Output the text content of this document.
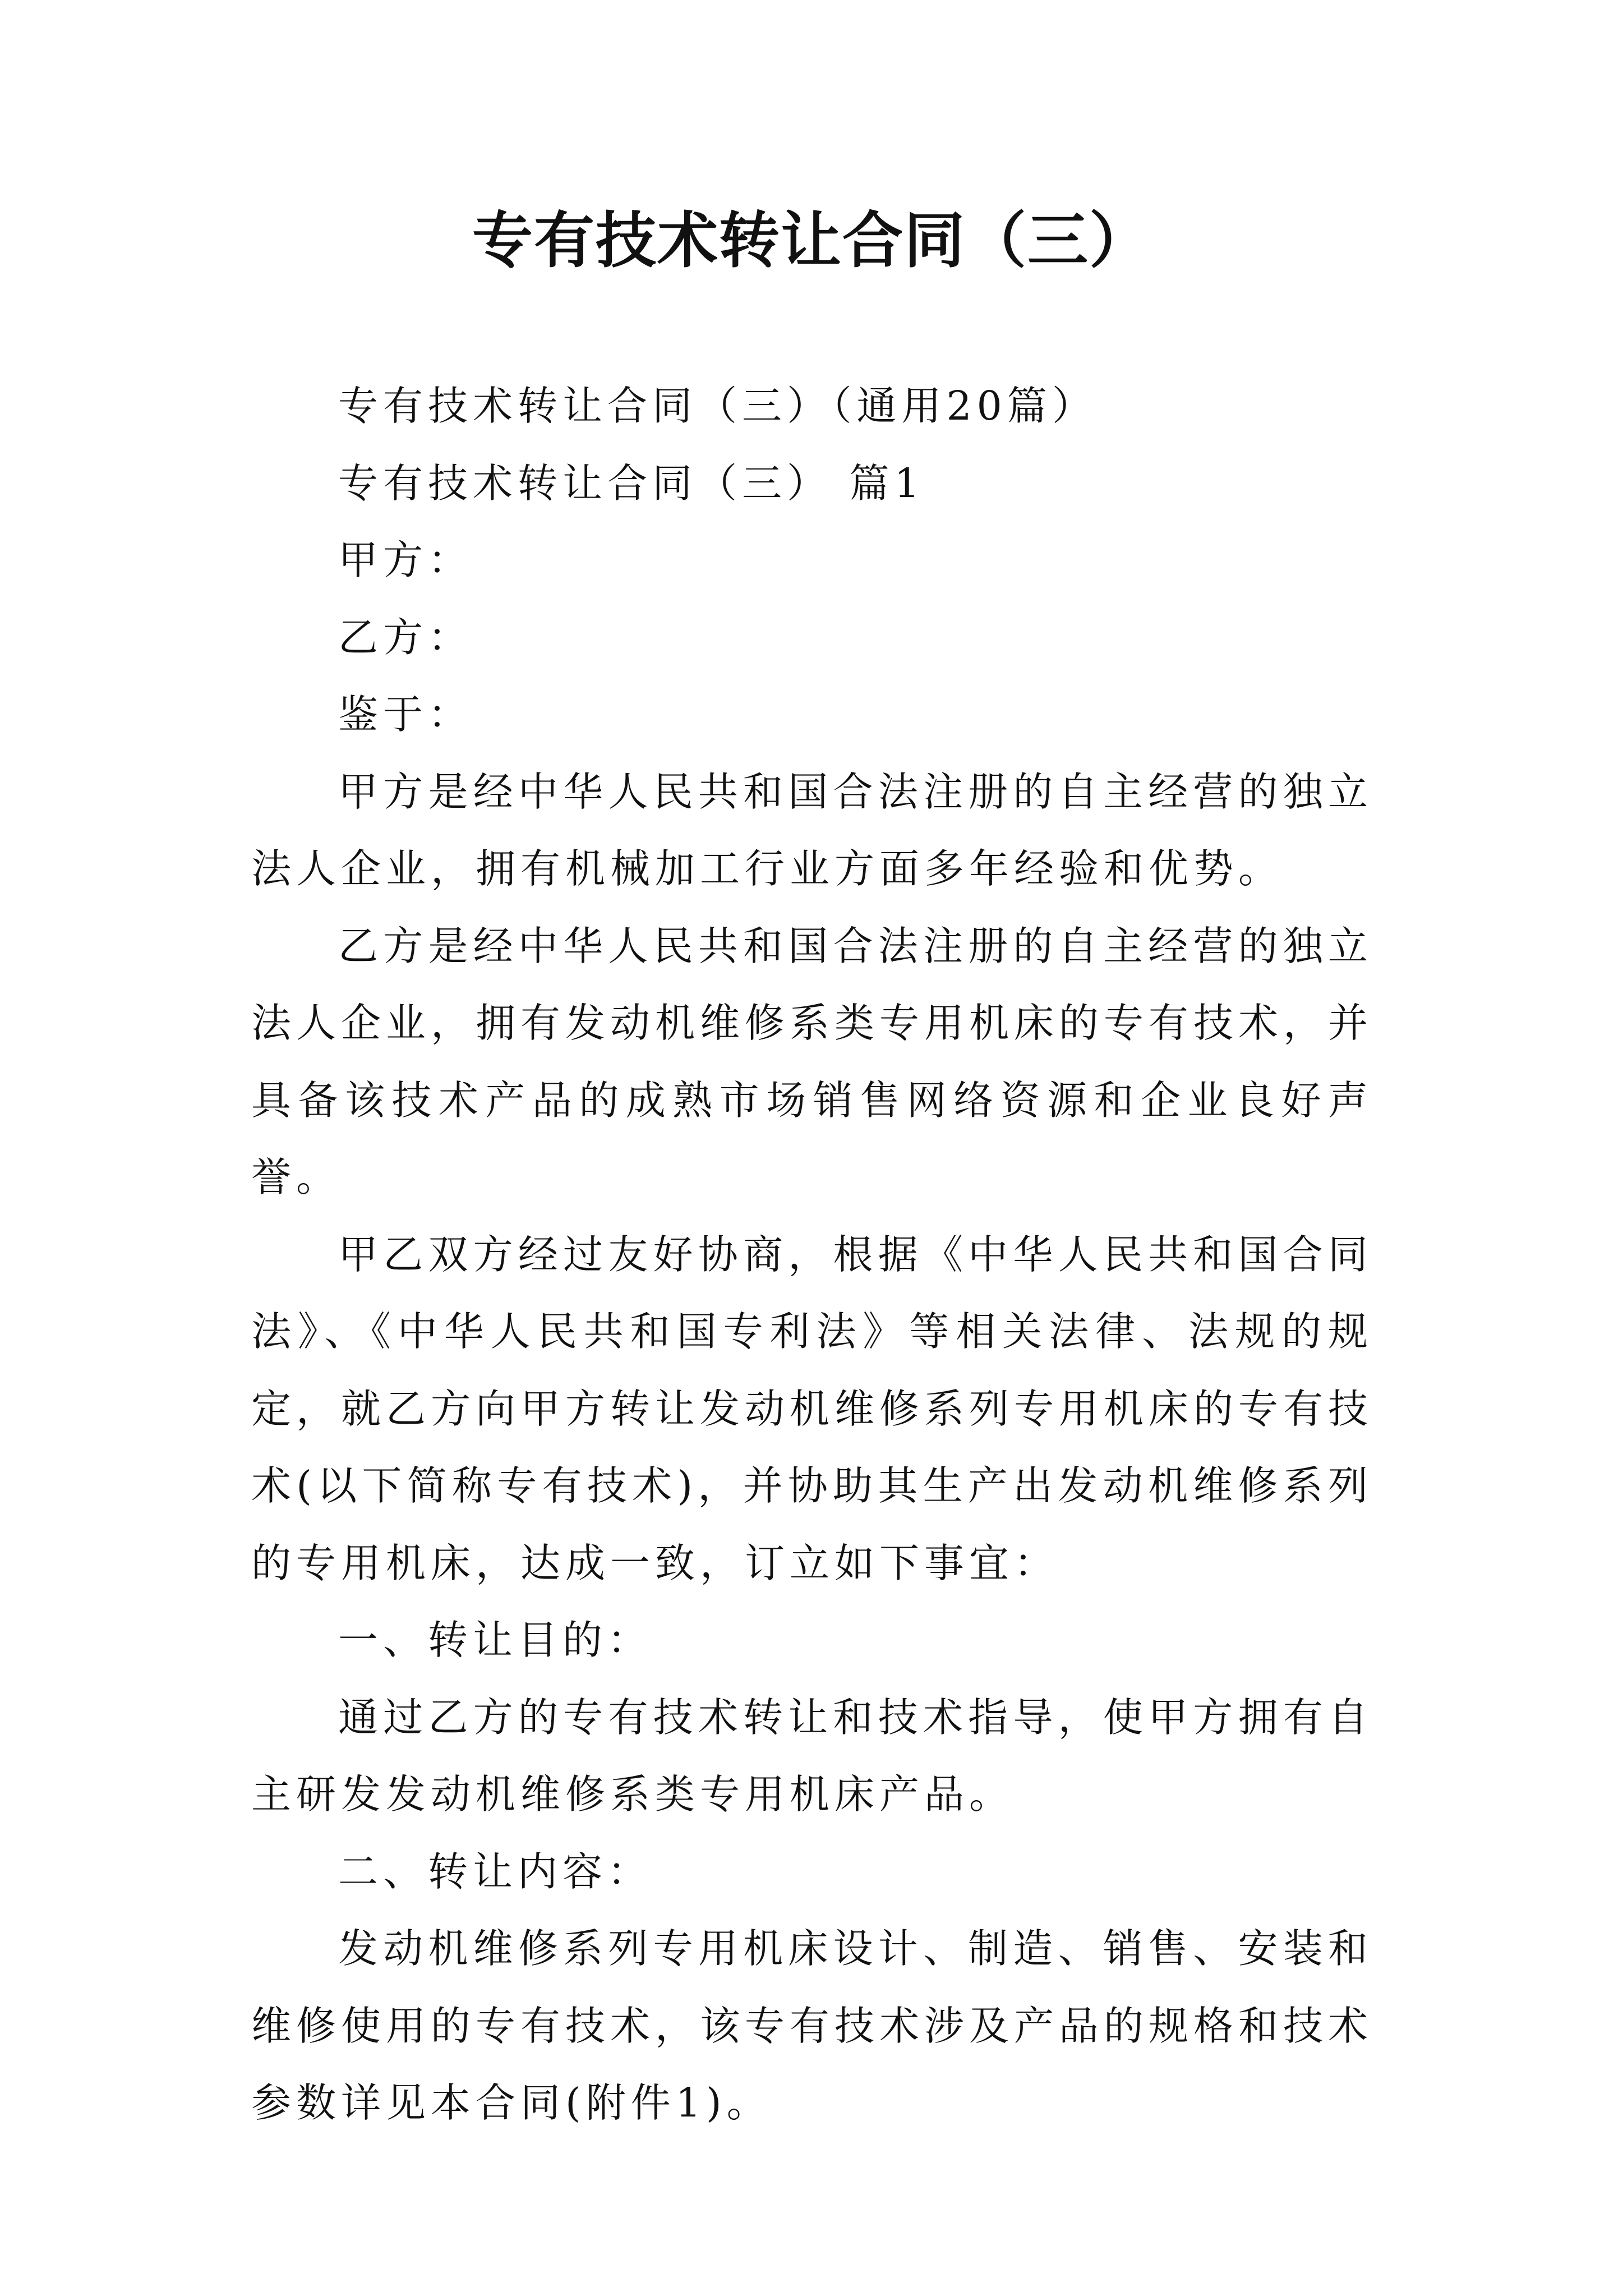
专有技术转让合同（三）

专有技术转让合同（三）（通用20篇）

专有技术转让合同（三） 篇1

甲方：

乙方：

鉴于：

甲方是经中华人民共和国合法注册的自主经营的独立法人企业，拥有机械加工行业方面多年经验和优势。

乙方是经中华人民共和国合法注册的自主经营的独立法人企业，拥有发动机维修系类专用机床的专有技术，并具备该技术产品的成熟市场销售网络资源和企业良好声誉。

甲乙双方经过友好协商，根据《中华人民共和国合同法》、《中华人民共和国专利法》等相关法律、法规的规定，就乙方向甲方转让发动机维修系列专用机床的专有技术(以下简称专有技术)，并协助其生产出发动机维修系列的专用机床，达成一致，订立如下事宜：

一、转让目的：

通过乙方的专有技术转让和技术指导，使甲方拥有自主研发发动机维修系类专用机床产品。

二、转让内容：

发动机维修系列专用机床设计、制造、销售、安装和维修使用的专有技术，该专有技术涉及产品的规格和技术参数详见本合同(附件1)。
